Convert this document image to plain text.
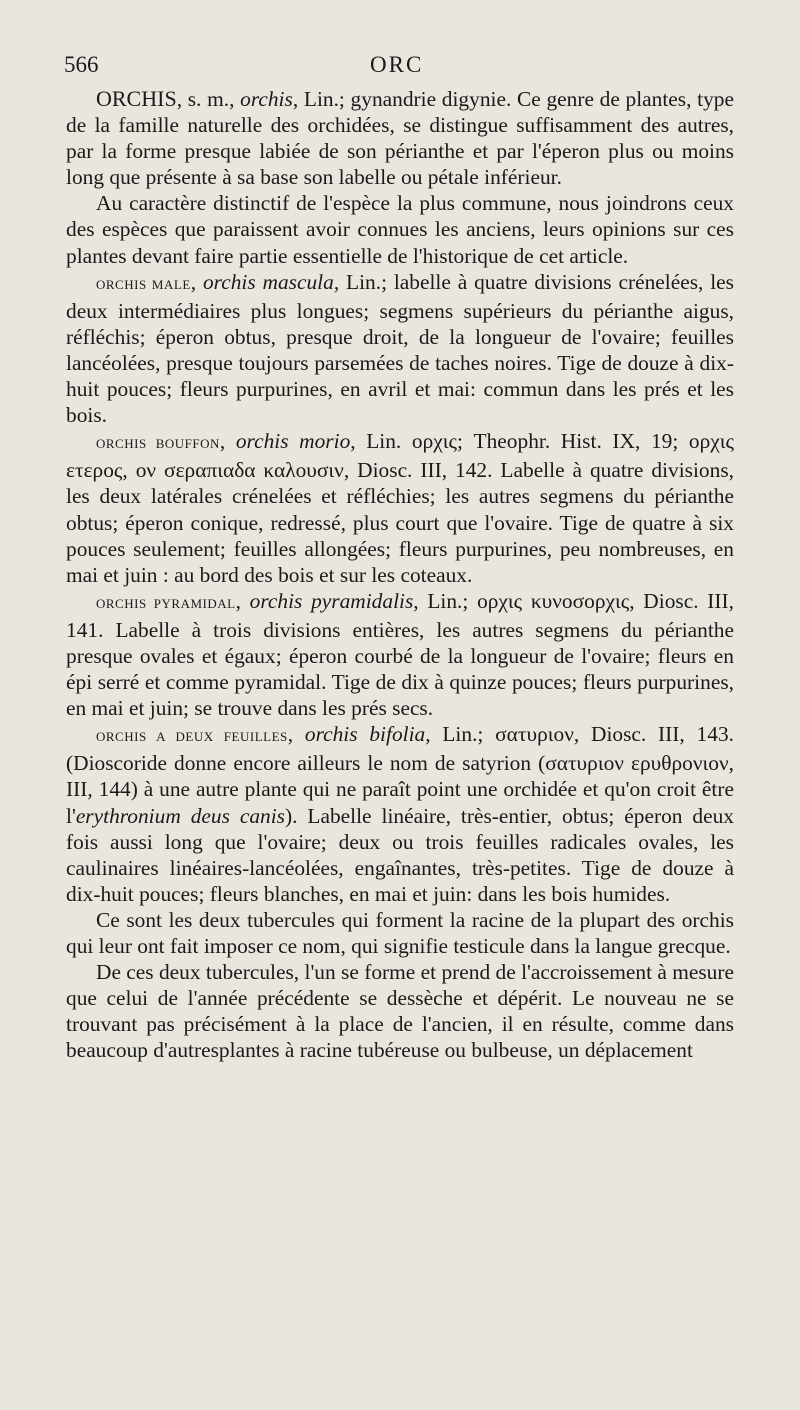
566	ORC

ORCHIS, s. m., orchis, Lin.; gynandrie digynie. Ce genre de plantes, type de la famille naturelle des orchidées, se distingue suffisamment des autres, par la forme presque labiée de son périanthe et par l'éperon plus ou moins long que présente à sa base son labelle ou pétale inférieur.

Au caractère distinctif de l'espèce la plus commune, nous joindrons ceux des espèces que paraissent avoir connues les anciens, leurs opinions sur ces plantes devant faire partie essentielle de l'historique de cet article.

ORCHIS MALE, orchis mascula, Lin.; labelle à quatre divisions crénelées, les deux intermédiaires plus longues; segmens supérieurs du périanthe aigus, réfléchis; éperon obtus, presque droit, de la longueur de l'ovaire; feuilles lancéolées, presque toujours parsemées de taches noires. Tige de douze à dix-huit pouces; fleurs purpurines, en avril et mai: commun dans les prés et les bois.

ORCHIS BOUFFON, orchis morio, Lin. ορχις; Theophr. Hist. IX, 19; ορχις ετερος, ον σεραπιαδα καλουσιν, Diosc. III, 142. Labelle à quatre divisions, les deux latérales crénelées et réfléchies; les autres segmens du périanthe obtus; éperon conique, redressé, plus court que l'ovaire. Tige de quatre à six pouces seulement; feuilles allongées; fleurs purpurines, peu nombreuses, en mai et juin : au bord des bois et sur les coteaux.

ORCHIS PYRAMIDAL, orchis pyramidalis, Lin.; ορχις κυνοσορχις, Diosc. III, 141. Labelle à trois divisions entières, les autres segmens du périanthe presque ovales et égaux; éperon courbé de la longueur de l'ovaire; fleurs en épi serré et comme pyramidal. Tige de dix à quinze pouces; fleurs purpurines, en mai et juin; se trouve dans les prés secs.

ORCHIS A DEUX FEUILLES, orchis bifolia, Lin.; σατυριον, Diosc. III, 143. (Dioscoride donne encore ailleurs le nom de satyrion (σατυριον ερυθρονιον, III, 144) à une autre plante qui ne paraît point une orchidée et qu'on croit être l'erythronium deus canis). Labelle linéaire, très-entier, obtus; éperon deux fois aussi long que l'ovaire; deux ou trois feuilles radicales ovales, les caulinaires linéaires-lancéolées, engaînantes, très-petites. Tige de douze à dix-huit pouces; fleurs blanches, en mai et juin: dans les bois humides.

Ce sont les deux tubercules qui forment la racine de la plupart des orchis qui leur ont fait imposer ce nom, qui signifie testicule dans la langue grecque.

De ces deux tubercules, l'un se forme et prend de l'accroissement à mesure que celui de l'année précédente se dessèche et dépérit. Le nouveau ne se trouvant pas précisément à la place de l'ancien, il en résulte, comme dans beaucoup d'autresplantes à racine tubéreuse ou bulbeuse, un déplacement
